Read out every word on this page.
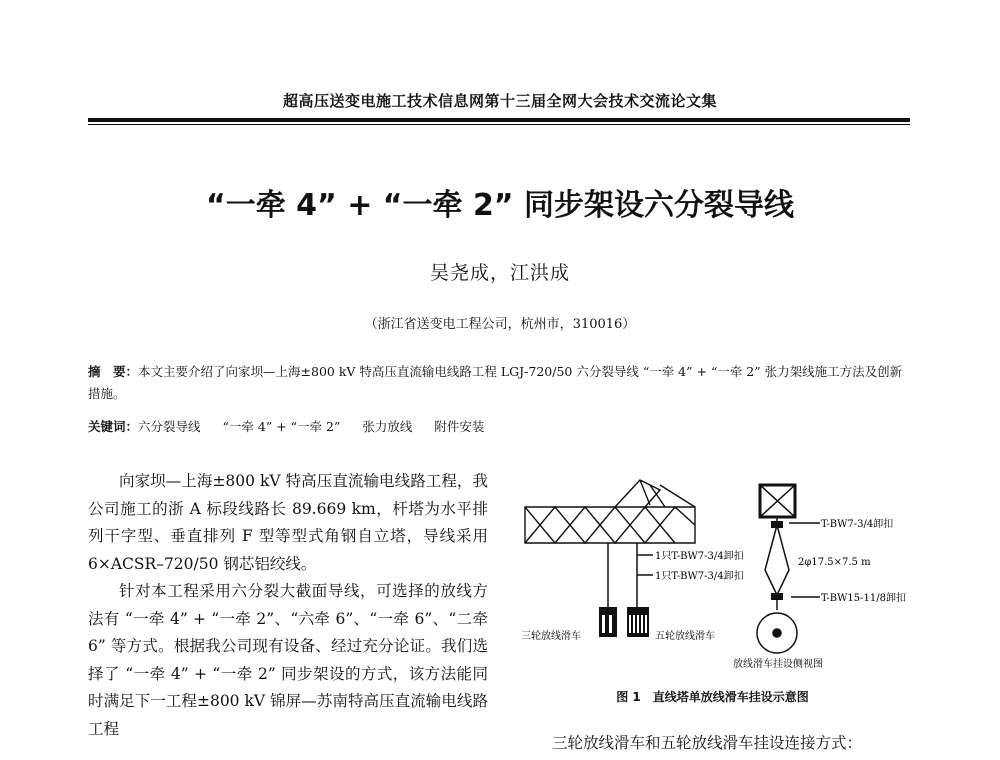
超高压送变电施工技术信息网第十三届全网大会技术交流论文集
“一牵 4” + “一牵 2” 同步架设六分裂导线
吴尧成，江洪成
（浙江省送变电工程公司，杭州市，310016）
摘　要：本文主要介绍了向家坝—上海±800 kV 特高压直流输电线路工程 LGJ-720/50 六分裂导线 “一牵 4” + “一牵 2” 张力架线施工方法及创新措施。
关键词：六分裂导线 “一牵 4” + “一牵 2” 张力放线 附件安装

向家坝—上海±800 kV 特高压直流输电线路工程，我公司施工的浙 A 标段线路长 89.669 km，杆塔为水平排列干字型、垂直排列 F 型等型式角钢自立塔，导线采用 6×ACSR–720/50 钢芯铝绞线。

针对本工程采用六分裂大截面导线，可选择的放线方法有 “一牵 4” + “一牵 2”、“六牵 6”、“一牵 6”、“二牵 6” 等方式。根据我公司现有设备、经过充分论证。我们选择了 “一牵 4” + “一牵 2” 同步架设的方式，该方法能同时满足下一工程±800 kV 锦屏—苏南特高压直流输电线路工程

1只T-BW7-3/4卸扣
1只T-BW7-3/4卸扣
三轮放线滑车	五轮放线滑车
T-BW7-3/4卸扣
2φ17.5×7.5 m
T-BW15-11/8卸扣
放线滑车挂设侧视图
图 1　直线塔单放线滑车挂设示意图
三轮放线滑车和五轮放线滑车挂设连接方式：
